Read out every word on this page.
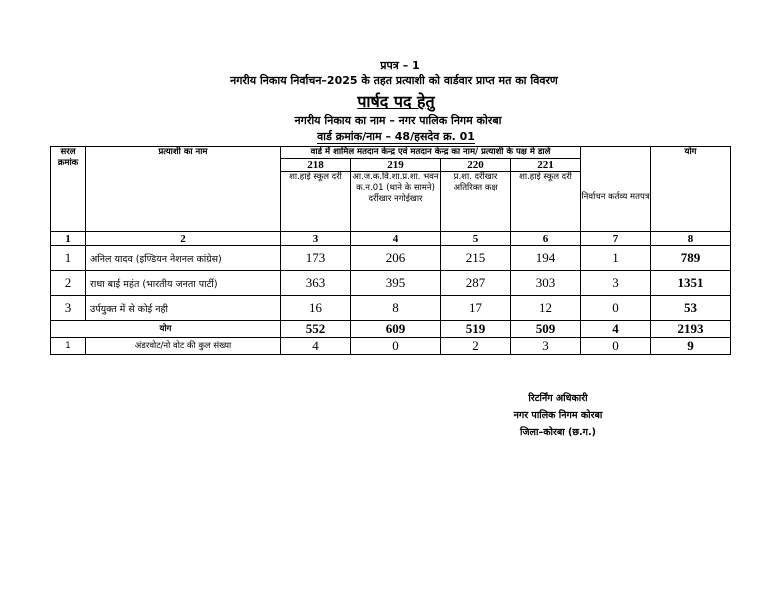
प्रपत्र – 1
नगरीय निकाय निर्वाचन–2025 के तहत प्रत्याशी को वार्डवार प्राप्त मत का विवरण
पार्षद पद हेतु
नगरीय निकाय का नाम – नगर पालिक निगम कोरबा
वार्ड क्रमांक/नाम – 48/हसदेव क्र. 01
सरल क्रमांक	प्रत्याशी का नाम	वार्ड में शामिल मतदान केन्द्र एवं मतदान केन्द्र का नाम/ प्रत्याशी के पक्ष मे डाले				निर्वाचन कर्तव्य मतपत्र	योग
		218	219	220	221		
		शा.हाई स्कूल दर्री	आ.ज.क.वि.शा.प्र.शा. भवन क.न.01 (थाने के सामने) दर्रीखार नगोईखार	प्र.शा. दर्रीखार अतिरिक्त कक्ष	शा.हाई स्कूल दर्री		
1	2	3	4	5	6	7	8
1	अनिल यादव (इण्डियन नेशनल कांग्रेस)	173	206	215	194	1	789
2	राधा बाई महंत (भारतीय जनता पार्टी)	363	395	287	303	3	1351
3	उर्पयुक्त में से कोई नही	16	8	17	12	0	53
योग		552	609	519	509	4	2193
1	अंडरवोट/नो वोट की कुल संख्या	4	0	2	3	0	9
रिटर्निंग अधिकारी
नगर पालिक निगम कोरबा
जिला–कोरबा (छ.ग.)
